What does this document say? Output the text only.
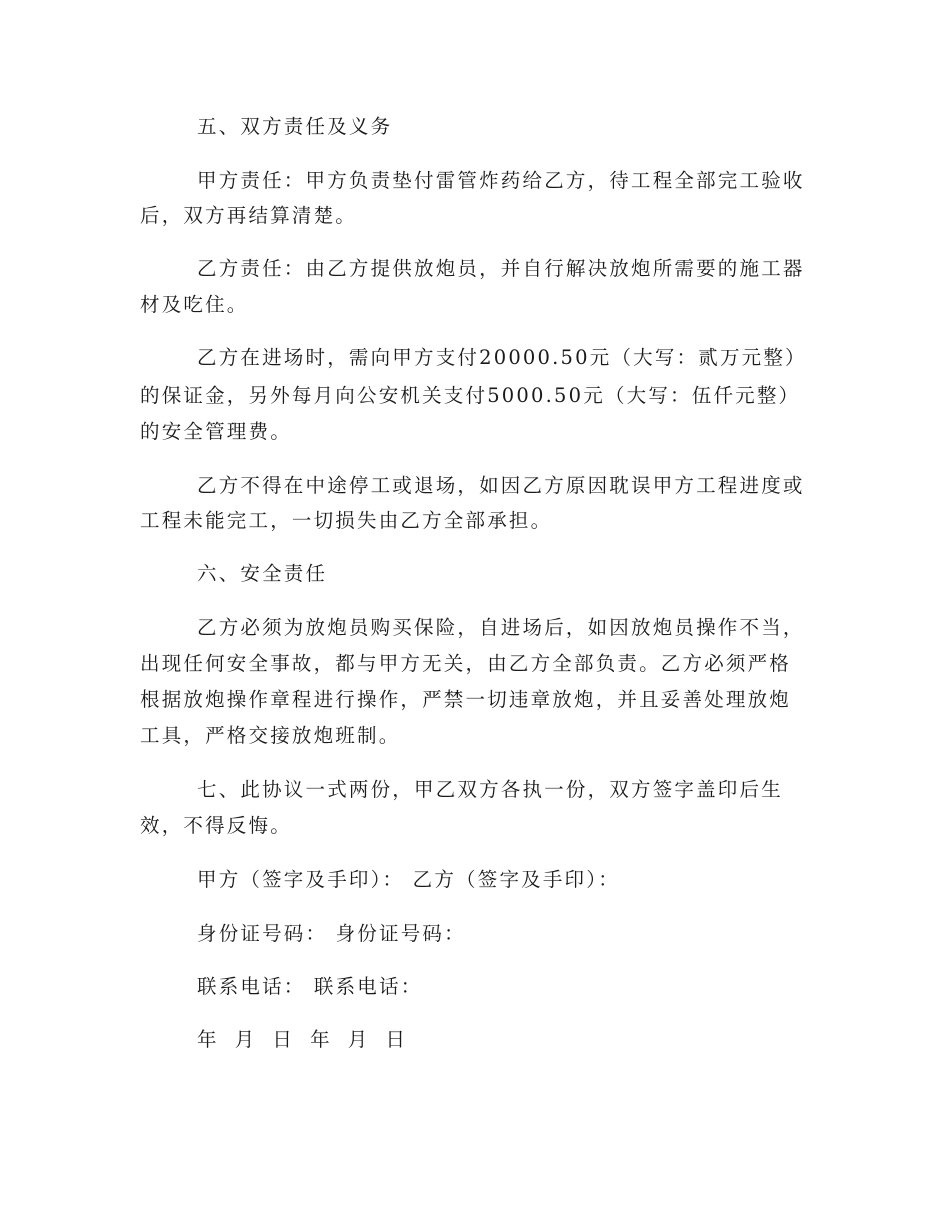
五、双方责任及义务
甲方责任：甲方负责垫付雷管炸药给乙方，待工程全部完工验收
后，双方再结算清楚。
乙方责任：由乙方提供放炮员，并自行解决放炮所需要的施工器
材及吃住。
乙方在进场时，需向甲方支付20000.50元（大写：贰万元整）
的保证金，另外每月向公安机关支付5000.50元（大写：伍仟元整）
的安全管理费。
乙方不得在中途停工或退场，如因乙方原因耽误甲方工程进度或
工程未能完工，一切损失由乙方全部承担。
六、安全责任
乙方必须为放炮员购买保险，自进场后，如因放炮员操作不当，
出现任何安全事故，都与甲方无关，由乙方全部负责。乙方必须严格
根据放炮操作章程进行操作，严禁一切违章放炮，并且妥善处理放炮
工具，严格交接放炮班制。
七、此协议一式两份，甲乙双方各执一份，双方签字盖印后生
效，不得反悔。
甲方（签字及手印）： 乙方（签字及手印）：
身份证号码： 身份证号码：
联系电话： 联系电话：
年 月 日 年 月 日
